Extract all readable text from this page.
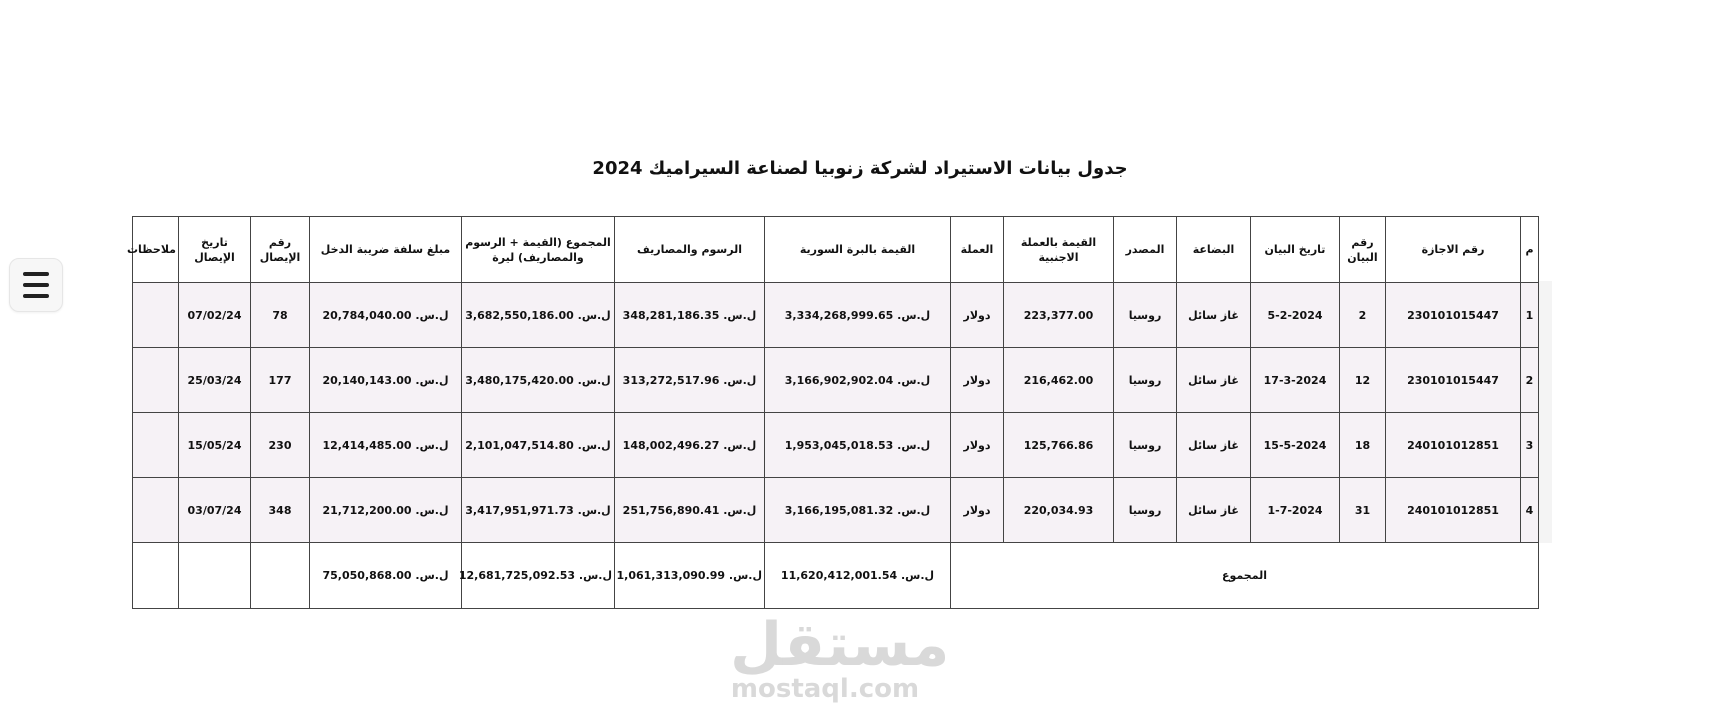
جدول بيانات الاستيراد لشركة زنوبيا لصناعة السيراميك 2024
م	رقم الاجازة	رقم البيان	تاريخ البيان	البضاعة	المصدر	القيمة بالعملة الاجنبية	العملة	القيمة بالبرة السورية	الرسوم والمصاريف	المجموع (القيمة + الرسوم والمصاريف) ليرة	مبلغ سلفة ضريبة الدخل	رقم الإيصال	تاريخ الإيصال	ملاحظات
1	230101015447	2	5-2-2024	غاز سائل	روسيا	223,377.00	دولار	ل.س. 3,334,268,999.65	ل.س. 348,281,186.35	ل.س. 3,682,550,186.00	ل.س. 20,784,040.00	78	07/02/24	
2	230101015447	12	17-3-2024	غاز سائل	روسيا	216,462.00	دولار	ل.س. 3,166,902,902.04	ل.س. 313,272,517.96	ل.س. 3,480,175,420.00	ل.س. 20,140,143.00	177	25/03/24	
3	240101012851	18	15-5-2024	غاز سائل	روسيا	125,766.86	دولار	ل.س. 1,953,045,018.53	ل.س. 148,002,496.27	ل.س. 2,101,047,514.80	ل.س. 12,414,485.00	230	15/05/24	
4	240101012851	31	1-7-2024	غاز سائل	روسيا	220,034.93	دولار	ل.س. 3,166,195,081.32	ل.س. 251,756,890.41	ل.س. 3,417,951,971.73	ل.س. 21,712,200.00	348	03/07/24	
المجموع								ل.س. 11,620,412,001.54	ل.س. 1,061,313,090.99	ل.س. 12,681,725,092.53	ل.س. 75,050,868.00			
مستقل
mostaql.com
